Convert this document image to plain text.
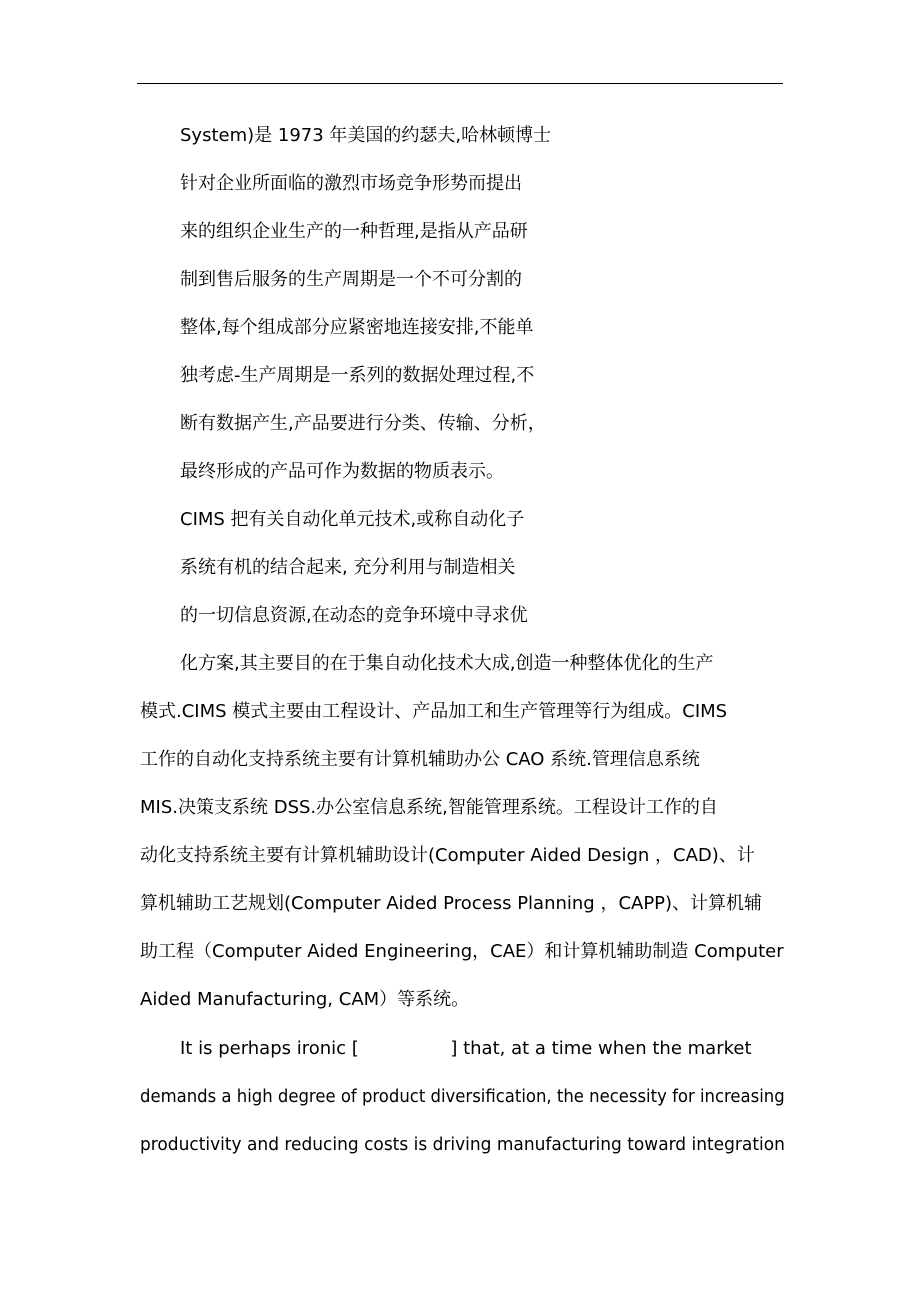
System)是 1973 年美国的约瑟夫,哈林顿博士
针对企业所面临的激烈市场竞争形势而提出
来的组织企业生产的一种哲理,是指从产品研
制到售后服务的生产周期是一个不可分割的
整体,每个组成部分应紧密地连接安排,不能单
独考虑-生产周期是一系列的数据处理过程,不
断有数据产生,产品要进行分类、传输、分析，
最终形成的产品可作为数据的物质表示。
CIMS 把有关自动化单元技术,或称自动化子
系统有机的结合起来, 充分利用与制造相关
的一切信息资源,在动态的竞争环境中寻求优
化方案,其主要目的在于集自动化技术大成,创造一种整体优化的生产
模式.CIMS 模式主要由工程设计、产品加工和生产管理等行为组成。CIMS
工作的自动化支持系统主要有计算机辅助办公 CAO 系统.管理信息系统
MIS.决策支系统 DSS.办公室信息系统,智能管理系统。工程设计工作的自
动化支持系统主要有计算机辅助设计(Computer Aided Design ，CAD)、计
算机辅助工艺规划(Computer Aided Process Planning ，CAPP)、计算机辅
助工程（Computer Aided Engineering，CAE）和计算机辅助制造 Computer
Aided Manufacturing, CAM）等系统。
It is perhaps ironic [                ] that, at a time when the market
demands a high degree of product diversification, the necessity for increasing
productivity and reducing costs is driving manufacturing toward integration
